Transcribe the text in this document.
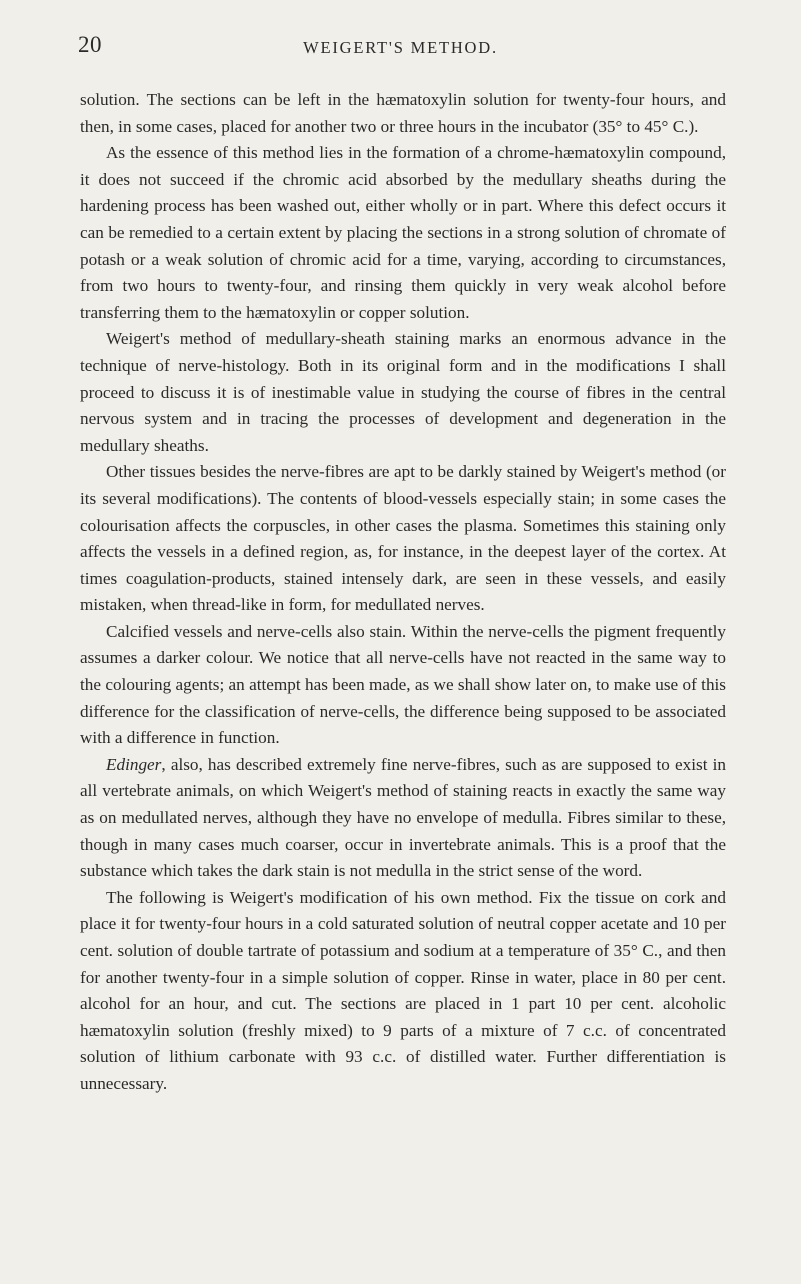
20	WEIGERT'S METHOD.

solution. The sections can be left in the hæmatoxylin solution for twenty-four hours, and then, in some cases, placed for another two or three hours in the incubator (35° to 45° C.).

As the essence of this method lies in the formation of a chrome-hæmatoxylin compound, it does not succeed if the chromic acid absorbed by the medullary sheaths during the hardening process has been washed out, either wholly or in part. Where this defect occurs it can be remedied to a certain extent by placing the sections in a strong solution of chromate of potash or a weak solution of chromic acid for a time, varying, according to circumstances, from two hours to twenty-four, and rinsing them quickly in very weak alcohol before transferring them to the hæmatoxylin or copper solution.

Weigert's method of medullary-sheath staining marks an enormous advance in the technique of nerve-histology. Both in its original form and in the modifications I shall proceed to discuss it is of inestimable value in studying the course of fibres in the central nervous system and in tracing the processes of development and degeneration in the medullary sheaths.

Other tissues besides the nerve-fibres are apt to be darkly stained by Weigert's method (or its several modifications). The contents of blood-vessels especially stain; in some cases the colourisation affects the corpuscles, in other cases the plasma. Sometimes this staining only affects the vessels in a defined region, as, for instance, in the deepest layer of the cortex. At times coagulation-products, stained intensely dark, are seen in these vessels, and easily mistaken, when thread-like in form, for medullated nerves.

Calcified vessels and nerve-cells also stain. Within the nerve-cells the pigment frequently assumes a darker colour. We notice that all nerve-cells have not reacted in the same way to the colouring agents; an attempt has been made, as we shall show later on, to make use of this difference for the classification of nerve-cells, the difference being supposed to be associated with a difference in function.

Edinger, also, has described extremely fine nerve-fibres, such as are supposed to exist in all vertebrate animals, on which Weigert's method of staining reacts in exactly the same way as on medullated nerves, although they have no envelope of medulla. Fibres similar to these, though in many cases much coarser, occur in invertebrate animals. This is a proof that the substance which takes the dark stain is not medulla in the strict sense of the word.

The following is Weigert's modification of his own method. Fix the tissue on cork and place it for twenty-four hours in a cold saturated solution of neutral copper acetate and 10 per cent. solution of double tartrate of potassium and sodium at a temperature of 35° C., and then for another twenty-four in a simple solution of copper. Rinse in water, place in 80 per cent. alcohol for an hour, and cut. The sections are placed in 1 part 10 per cent. alcoholic hæmatoxylin solution (freshly mixed) to 9 parts of a mixture of 7 c.c. of concentrated solution of lithium carbonate with 93 c.c. of distilled water. Further differentiation is unnecessary.
